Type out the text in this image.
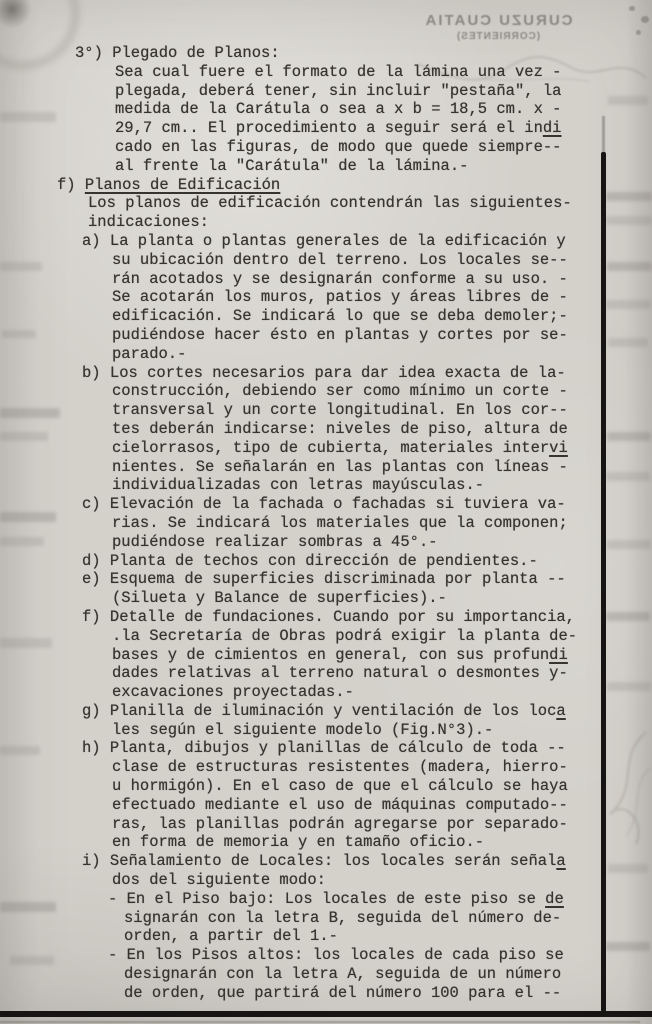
CURUZU CUATIA
(CORRIENTES)
3°) Plegado de Planos:
Sea cual fuere el formato de la lámina una vez -
plegada, deberá tener, sin incluir "pestaña", la
medida de la Carátula o sea a x b = 18,5 cm. x -
29,7 cm.. El procedimiento a seguir será el indi
cado en las figuras, de modo que quede siempre--
al frente la "Carátula" de la lámina.-
f) Planos de Edificación
Los planos de edificación contendrán las siguientes-
indicaciones:
a) La planta o plantas generales de la edificación y
su ubicación dentro del terreno. Los locales se--
rán acotados y se designarán conforme a su uso. -
Se acotarán los muros, patios y áreas libres de -
edificación. Se indicará lo que se deba demoler;-
pudiéndose hacer ésto en plantas y cortes por se-
parado.-
b) Los cortes necesarios para dar idea exacta de la-
construcción, debiendo ser como mínimo un corte -
transversal y un corte longitudinal. En los cor--
tes deberán indicarse: niveles de piso, altura de
cielorrasos, tipo de cubierta, materiales intervi
nientes. Se señalarán en las plantas con líneas -
individualizadas con letras mayúsculas.-
c) Elevación de la fachada o fachadas si tuviera va-
rias. Se indicará los materiales que la componen;
pudiéndose realizar sombras a 45°.-
d) Planta de techos con dirección de pendientes.-
e) Esquema de superficies discriminada por planta --
(Silueta y Balance de superficies).-
f) Detalle de fundaciones. Cuando por su importancia,
.la Secretaría de Obras podrá exigir la planta de-
bases y de cimientos en general, con sus profundi
dades relativas al terreno natural o desmontes y-
excavaciones proyectadas.-
g) Planilla de iluminación y ventilación de los loca
les según el siguiente modelo (Fig.N°3).-
h) Planta, dibujos y planillas de cálculo de toda --
clase de estructuras resistentes (madera, hierro-
u hormigón). En el caso de que el cálculo se haya
efectuado mediante el uso de máquinas computado--
ras, las planillas podrán agregarse por separado-
en forma de memoria y en tamaño oficio.-
i) Señalamiento de Locales: los locales serán señala
dos del siguiente modo:
- En el Piso bajo: Los locales de este piso se de
signarán con la letra B, seguida del número de-
orden, a partir del 1.-
- En los Pisos altos: los locales de cada piso se
designarán con la letra A, seguida de un número
de orden, que partirá del número 100 para el --
